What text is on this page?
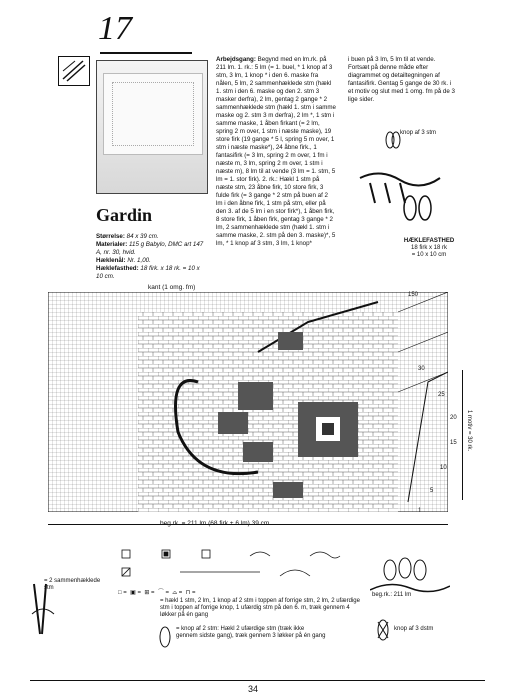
17
Gardin
Størrelse: 84 x 39 cm.
Materialer: 115 g Babylo, DMC art 147 A, nr. 30, hvid.
Hæklenål: Nr. 1,00.
Hæklefasthed: 18 firk. x 18 rk. = 10 x 10 cm.
Arbejdsgang: Begynd med en lm.rk. på 211 lm. 1. rk.: 5 lm (= 1. buel, * 1 knop af 3 stm, 3 lm, 1 knop * i den 6. maske fra nålen, 5 lm, 2 sammenhæklede stm (hækl 1. stm i den 6. maske og den 2. stm 3 masker derfra), 2 lm, gentag 2 gange * 2 sammenhæklede stm (hækl 1. stm i samme maske og 2. stm 3 m derfra), 2 lm *, 1 stm i samme maske, 1 åben firkant (= 2 lm, spring 2 m over, 1 stm i næste maske), 19 store firk (19 gange * 5 l, spring 5 m over, 1 stm i næste maske*), 24 åbne firk., 1 fantasifirk (= 3 lm, spring 2 m over, 1 fm i næste m, 3 lm, spring 2 m over, 1 stm i næste m), 8 lm til at vende (3 lm = 1. stm, 5 lm = 1. stor firk). 2. rk.: Hækl 1 stm på næste stm, 23 åbne firk, 10 store firk, 3 fulde firk (= 3 gange * 2 stm på buen af 2 lm i den åbne firk, 1 stm på stm, eller på den 3. af de 5 lm i en stor firk*), 1 åben firk, 8 store firk, 1 åben firk, gentag 3 gange * 2 lm, 2 sammenhæklede stm (hækl 1. stm i samme maske, 2. stm på den 3. maske)*, 5 lm, * 1 knop af 3 stm, 3 lm, 1 knop*
i buen på 3 lm, 5 lm til at vende. Fortsæt på denne måde efter diagrammet og detailtegningen af fantasifirk. Gentag 5 gange de 30 rk. i et motiv og slut med 1 omg. fm på de 3 lige sider.
knop af 3 stm
HÆKLEFASTHED
18 firk x 18 rk
= 10 x 10 cm
kant (1 omg. fm)
150
30
25
20
15
10
5
1
1 motiv = 30 rk.
□ = ▣ = ⊞ = ⌒ = ⌓ = ⊓ =
= hækl 1 stm, 2 lm, 1 knop af 2 stm i toppen af forrige stm, 2 lm, 2 ufærdige stm i toppen af forrige knop, 1 ufærdig stm på den 6. m, træk gennem 4 løkker på én gang
= 2 sammenhæklede stm
= knop af 2 stm: Hækl 2 ufærdige stm (træk ikke gennem sidste gang), træk gennem 3 løkker på én gang
knop af 3 dstm
beg.rk.: 211 lm
34
